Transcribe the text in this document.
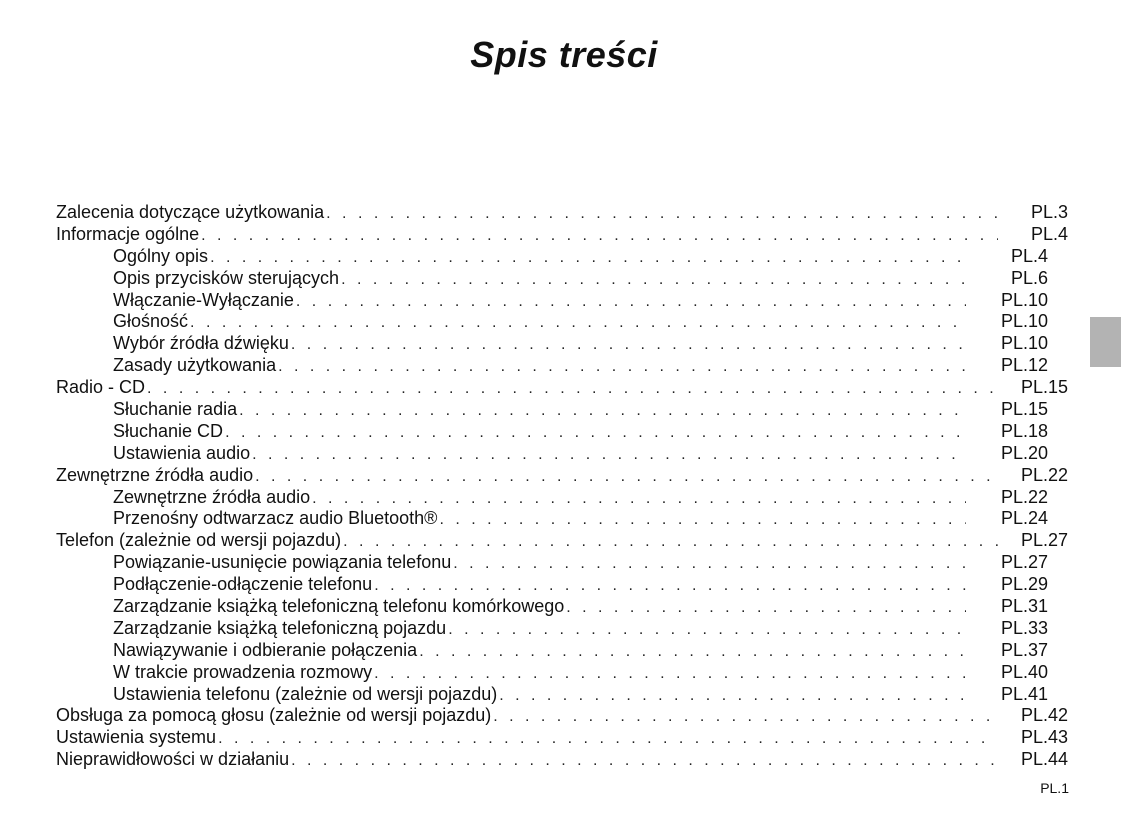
Spis treści
Zalecenia dotyczące użytkowania . . .	PL.3
Informacje ogólne . . .	PL.4
Ogólny opis . . .	PL.4
Opis przycisków sterujących . . .	PL.6
Włączanie-Wyłączanie . . .	PL.10
Głośność . . .	PL.10
Wybór źródła dźwięku . . .	PL.10
Zasady użytkowania . . .	PL.12
Radio - CD . . .	PL.15
Słuchanie radia . . .	PL.15
Słuchanie CD . . .	PL.18
Ustawienia audio . . .	PL.20
Zewnętrzne źródła audio . . .	PL.22
Zewnętrzne źródła audio . . .	PL.22
Przenośny odtwarzacz audio Bluetooth® . . .	PL.24
Telefon (zależnie od wersji pojazdu) . . .	PL.27
Powiązanie-usunięcie powiązania telefonu . . .	PL.27
Podłączenie-odłączenie telefonu . . .	PL.29
Zarządzanie książką telefoniczną telefonu komórkowego . . .	PL.31
Zarządzanie książką telefoniczną pojazdu . . .	PL.33
Nawiązywanie i odbieranie połączenia . . .	PL.37
W trakcie prowadzenia rozmowy . . .	PL.40
Ustawienia telefonu (zależnie od wersji pojazdu) . . .	PL.41
Obsługa za pomocą głosu (zależnie od wersji pojazdu) . . .	PL.42
Ustawienia systemu . . .	PL.43
Nieprawidłowości w działaniu . . .	PL.44
PL.1
